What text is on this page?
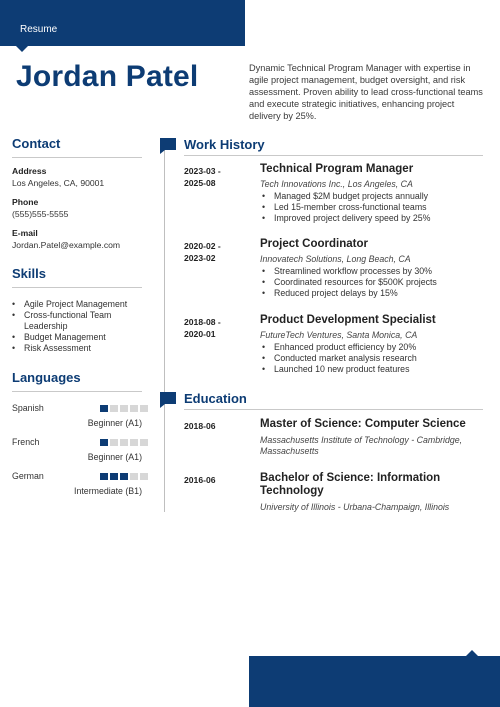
Resume
Jordan Patel	Dynamic Technical Program Manager with expertise in agile project management, budget oversight, and risk assessment. Proven ability to lead cross-functional teams and execute strategic initiatives, enhancing project delivery by 25%.
Contact
Address
Los Angeles, CA, 90001
Phone
(555)555-5555
E-mail
Jordan.Patel@example.com
Skills
• Agile Project Management
• Cross-functional Team Leadership
• Budget Management
• Risk Assessment
Languages
Spanish
Beginner (A1)
French
Beginner (A1)
German
Intermediate (B1)
Work History
2023-03 - 2025-08
Technical Program Manager
Tech Innovations Inc., Los Angeles, CA
• Managed $2M budget projects annually
• Led 15-member cross-functional teams
• Improved project delivery speed by 25%
2020-02 - 2023-02
Project Coordinator
Innovatech Solutions, Long Beach, CA
• Streamlined workflow processes by 30%
• Coordinated resources for $500K projects
• Reduced project delays by 15%
2018-08 - 2020-01
Product Development Specialist
FutureTech Ventures, Santa Monica, CA
• Enhanced product efficiency by 20%
• Conducted market analysis research
• Launched 10 new product features
Education
2018-06	Master of Science: Computer Science
Massachusetts Institute of Technology - Cambridge, Massachusetts
2016-06	Bachelor of Science: Information Technology
University of Illinois - Urbana-Champaign, Illinois
